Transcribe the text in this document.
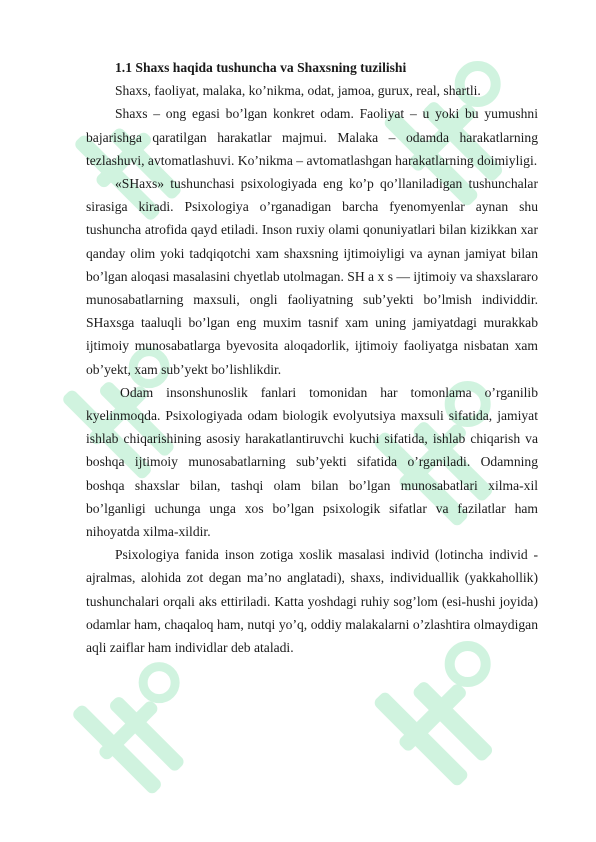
1.1 Shaxs haqida tushuncha va Shaxsning tuzilishi

Shaxs, faoliyat, malaka, ko’nikma, odat, jamoa, gurux, real, shartli.

Shaxs – ong egasi bo’lgan konkret odam. Faoliyat – u yoki bu yumushni bajarishga qaratilgan harakatlar majmui. Malaka – odamda harakatlarning tezlashuvi, avtomatlashuvi. Ko’nikma – avtomatlashgan harakatlarning doimiyligi.

«SHaxs» tushunchasi psixologiyada eng ko’p qo’llaniladigan tushunchalar sirasiga kiradi. Psixologiya o’rganadigan barcha fyenomyenlar aynan shu tushuncha atrofida qayd etiladi. Inson ruxiy olami qonuniyatlari bilan kizikkan xar qanday olim yoki tadqiqotchi xam shaxsning ijtimoiyligi va aynan jamiyat bilan bo’lgan aloqasi masalasini chyetlab utolmagan. SH a x s — ijtimoiy va shaxslararo munosabatlarning maxsuli, ongli faoliyatning sub’yekti bo’lmish individdir. SHaxsga taaluqli bo’lgan eng muxim tasnif xam uning jamiyatdagi murakkab ijtimoiy munosabatlarga byevosita aloqadorlik, ijtimoiy faoliyatga nisbatan xam ob’yekt, xam sub’yekt bo’lishlikdir.

Odam insonshunoslik fanlari tomonidan har tomonlama o’rganilib kyelinmoqda. Psixologiyada odam biologik evolyutsiya maxsuli sifatida, jamiyat ishlab chiqarishining asosiy harakatlantiruvchi kuchi sifatida, ishlab chiqarish va boshqa ijtimoiy munosabatlarning sub’yekti sifatida o’rganiladi. Odamning boshqa shaxslar bilan, tashqi olam bilan bo’lgan munosabatlari xilma-xil bo’lganligi uchunga unga xos bo’lgan psixologik sifatlar va fazilatlar ham nihoyatda xilma-xildir.

Psixologiya fanida inson zotiga xoslik masalasi individ (lotincha individ - ajralmas, alohida zot degan ma’no anglatadi), shaxs, individuallik (yakkahollik) tushunchalari orqali aks ettiriladi. Katta yoshdagi ruhiy sog’lom (esi-hushi joyida) odamlar ham, chaqaloq ham, nutqi yo’q, oddiy malakalarni o’zlashtira olmaydigan aqli zaiflar ham individlar deb ataladi.
